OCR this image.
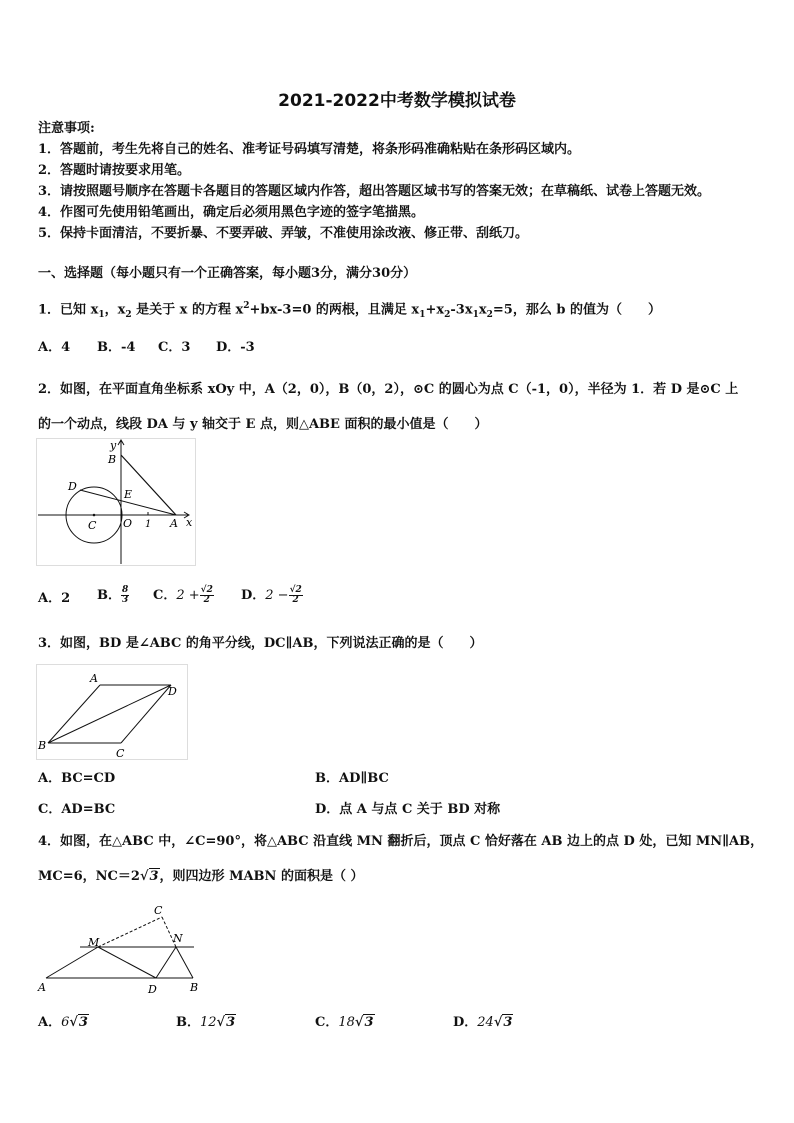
2021-2022中考数学模拟试卷
注意事项:
1．答题前，考生先将自己的姓名、准考证号码填写清楚，将条形码准确粘贴在条形码区域内。
2．答题时请按要求用笔。
3．请按照题号顺序在答题卡各题目的答题区域内作答，超出答题区域书写的答案无效；在草稿纸、试卷上答题无效。
4．作图可先使用铅笔画出，确定后必须用黑色字迹的签字笔描黑。
5．保持卡面清洁，不要折暴、不要弄破、弄皱，不准使用涂改液、修正带、刮纸刀。
一、选择题（每小题只有一个正确答案，每小题3分，满分30分）
1．已知 $x_1$，$x_2$ 是关于 x 的方程 $x^2+bx-3=0$ 的两根，且满足 $x_1+x_2-3x_1x_2=5$，那么 b 的值为（　　）
A．4 B．-4 C．3 D．-3
2．如图，在平面直角坐标系 xOy 中，A（2，0），B（0，2），⊙C 的圆心为点 C（-1，0），半径为 1．若 D 是⊙C 上
的一个动点，线段 DA 与 y 轴交于 E 点，则△ABE 面积的最小值是（　　）
y
B
D
E
C O 1 A x
A．2 B． $\frac{8}{3}$ C．$2 + \frac{√2}{2}$ D．$2 - \frac{√2}{2}$
3．如图，BD 是∠ABC 的角平分线，DC∥AB，下列说法正确的是（　　）
A
D
B
C
A．BC=CD	B．AD∥BC
C．AD=BC	D．点 A 与点 C 关于 BD 对称
4．如图，在△ABC 中，∠C=90°，将△ABC 沿直线 MN 翻折后，顶点 C 恰好落在 AB 边上的点 D 处，已知 MN∥AB，
MC=6，NC＝2√3，则四边形 MABN 的面积是（ ）
C
M	N
A	D	B
A．6√3	B．12√3	C．18√3	D．24√3
